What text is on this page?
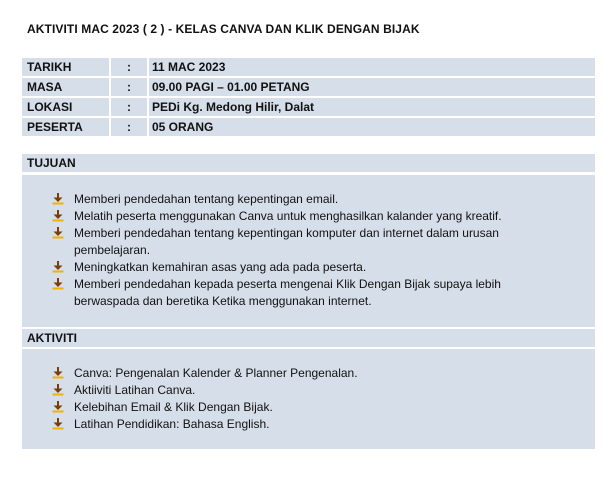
AKTIVITI MAC 2023 ( 2 ) - KELAS CANVA DAN KLIK DENGAN BIJAK
TARIKH	:	11 MAC 2023
MASA	:	09.00 PAGI – 01.00 PETANG
LOKASI	:	PEDi Kg. Medong Hilir, Dalat
PESERTA	:	05 ORANG
TUJUAN
Memberi pendedahan tentang kepentingan email.
Melatih peserta menggunakan Canva untuk menghasilkan kalander yang kreatif.
Memberi pendedahan tentang kepentingan komputer dan internet dalam urusan pembelajaran.
Meningkatkan kemahiran asas yang ada pada peserta.
Memberi pendedahan kepada peserta mengenai Klik Dengan Bijak supaya lebih berwaspada dan beretika Ketika menggunakan internet.
AKTIVITI
Canva: Pengenalan Kalender & Planner Pengenalan.
Aktiiviti Latihan Canva.
Kelebihan Email & Klik Dengan Bijak.
Latihan Pendidikan: Bahasa English.
